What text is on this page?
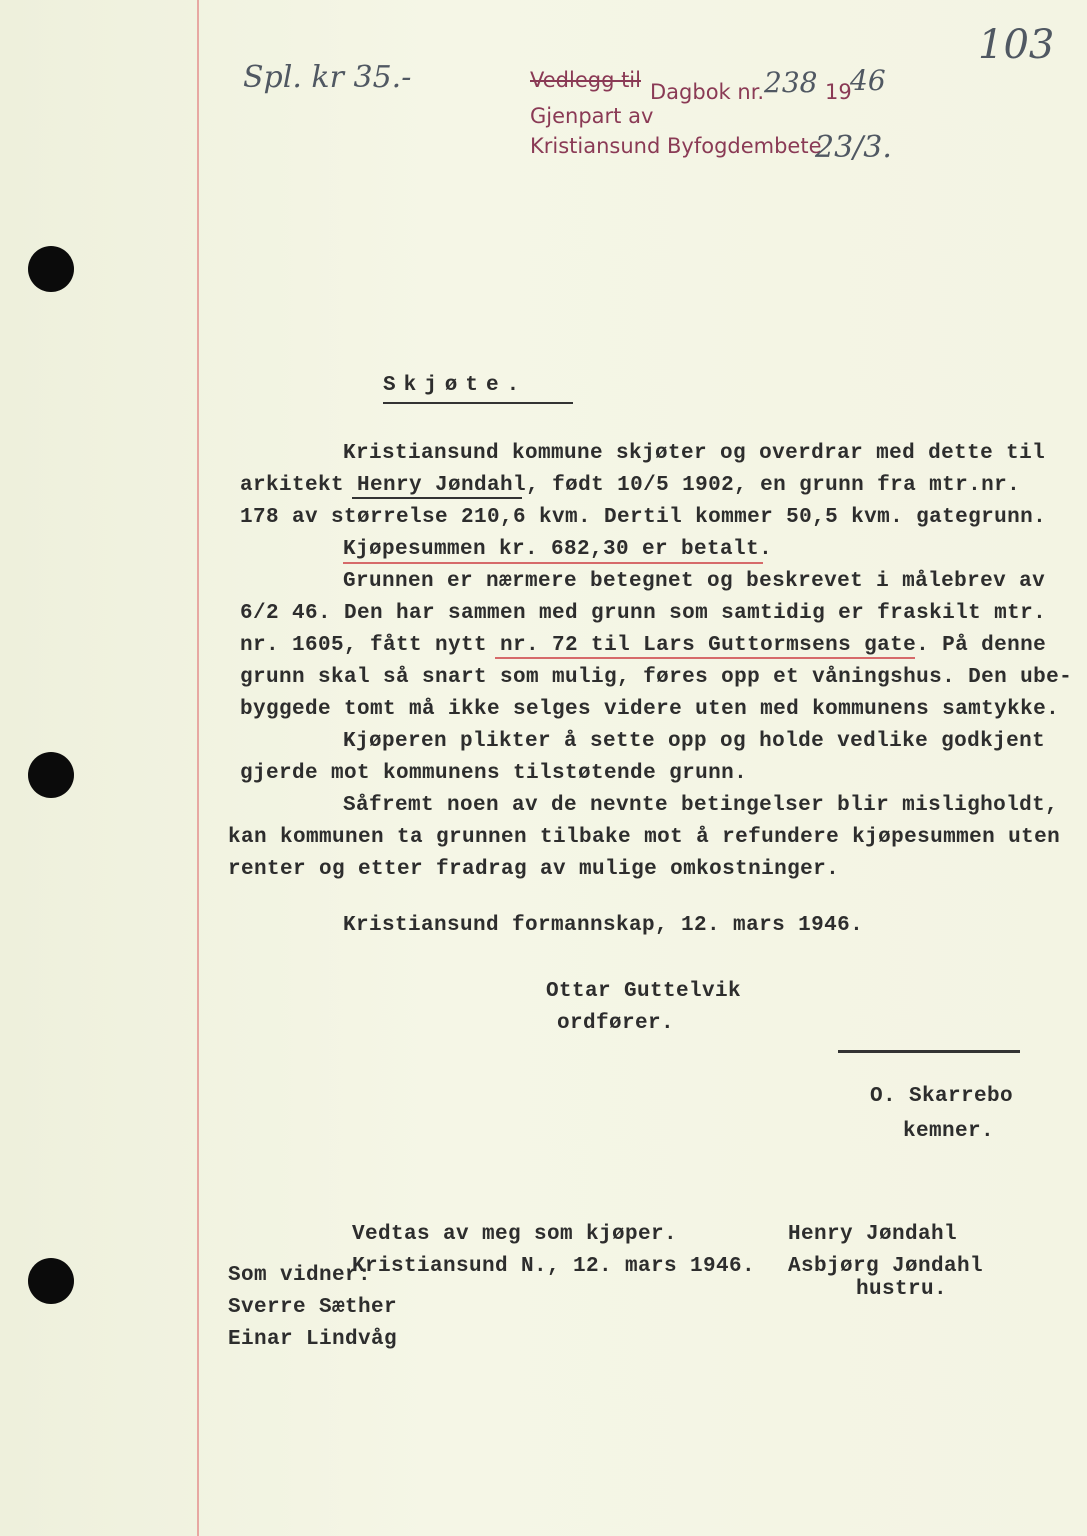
Spl. kr 35.-
103
Vedlegg til Dagbok nr. 238 19
46
Gjenpart av
Kristiansund Byfogdembete
23/3.
Skjøte.
Kristiansund kommune skjøter og overdrar med dette til
arkitekt Henry Jøndahl, født 10/5 1902, en grunn fra mtr.nr.
178 av størrelse 210,6 kvm. Dertil kommer 50,5 kvm. gategrunn.
Kjøpesummen kr. 682,30 er betalt.
Grunnen er nærmere betegnet og beskrevet i målebrev av
6/2 46. Den har sammen med grunn som samtidig er fraskilt mtr.
nr. 1605, fått nytt nr. 72 til Lars Guttormsens gate. På denne
grunn skal så snart som mulig, føres opp et våningshus. Den ube-
byggede tomt må ikke selges videre uten med kommunens samtykke.
Kjøperen plikter å sette opp og holde vedlike godkjent
gjerde mot kommunens tilstøtende grunn.
Såfremt noen av de nevnte betingelser blir misligholdt,
kan kommunen ta grunnen tilbake mot å refundere kjøpesummen uten
renter og etter fradrag av mulige omkostninger.
Kristiansund formannskap, 12. mars 1946.
Ottar Guttelvik
ordfører.
O. Skarrebo
kemner.
Vedtas av meg som kjøper.
Kristiansund N., 12. mars 1946.
Henry Jøndahl
Asbjørg Jøndahl
hustru.
Som vidner:
Sverre Sæther
Einar Lindvåg
